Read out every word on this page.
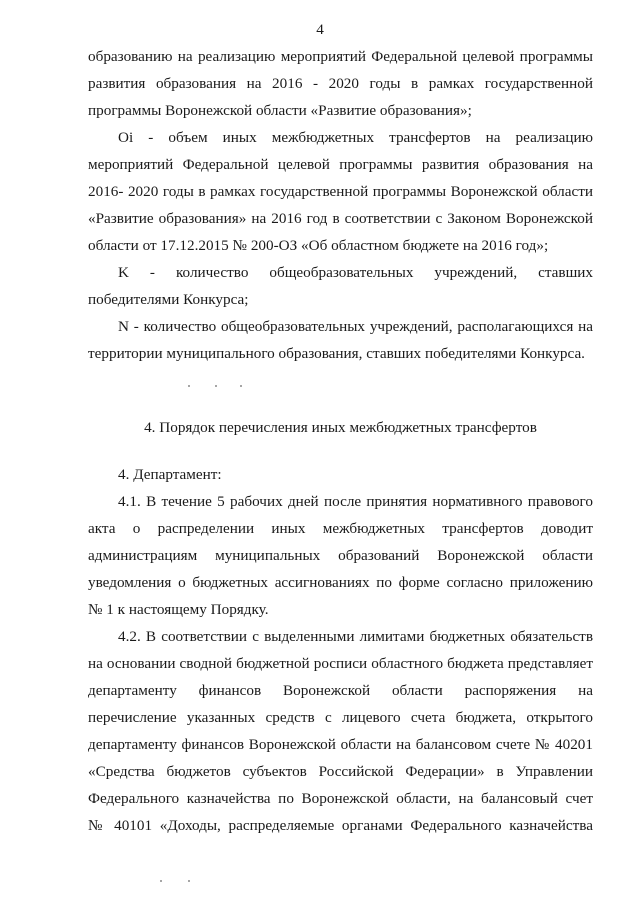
4
образованию на реализацию мероприятий Федеральной целевой программы
развития образования на 2016 - 2020 годы в рамках государственной
программы Воронежской области «Развитие образования»;
Оi - объем иных межбюджетных трансфертов на реализацию
мероприятий Федеральной целевой программы развития образования на
2016- 2020 годы в рамках государственной программы Воронежской области
«Развитие образования» на 2016 год в соответствии с Законом Воронежской
области от 17.12.2015 № 200-ОЗ «Об областном бюджете на 2016 год»;
K - количество общеобразовательных учреждений, ставших
победителями Конкурса;
N - количество общеобразовательных учреждений, располагающихся на
территории муниципального образования, ставших победителями Конкурса.
4. Порядок перечисления иных межбюджетных трансфертов
4. Департамент:
4.1. В течение 5 рабочих дней после принятия нормативного правового
акта о распределении иных межбюджетных трансфертов доводит
администрациям муниципальных образований Воронежской области
уведомления о бюджетных ассигнованиях по форме согласно приложению
№ 1 к настоящему Порядку.
4.2. В соответствии с выделенными лимитами бюджетных обязательств
на основании сводной бюджетной росписи областного бюджета представляет
департаменту финансов Воронежской области распоряжения на
перечисление указанных средств с лицевого счета бюджета, открытого
департаменту финансов Воронежской области на балансовом счете № 40201
«Средства бюджетов субъектов Российской Федерации» в Управлении
Федерального казначейства по Воронежской области, на балансовый счет
№ 40101 «Доходы, распределяемые органами Федерального казначейства
